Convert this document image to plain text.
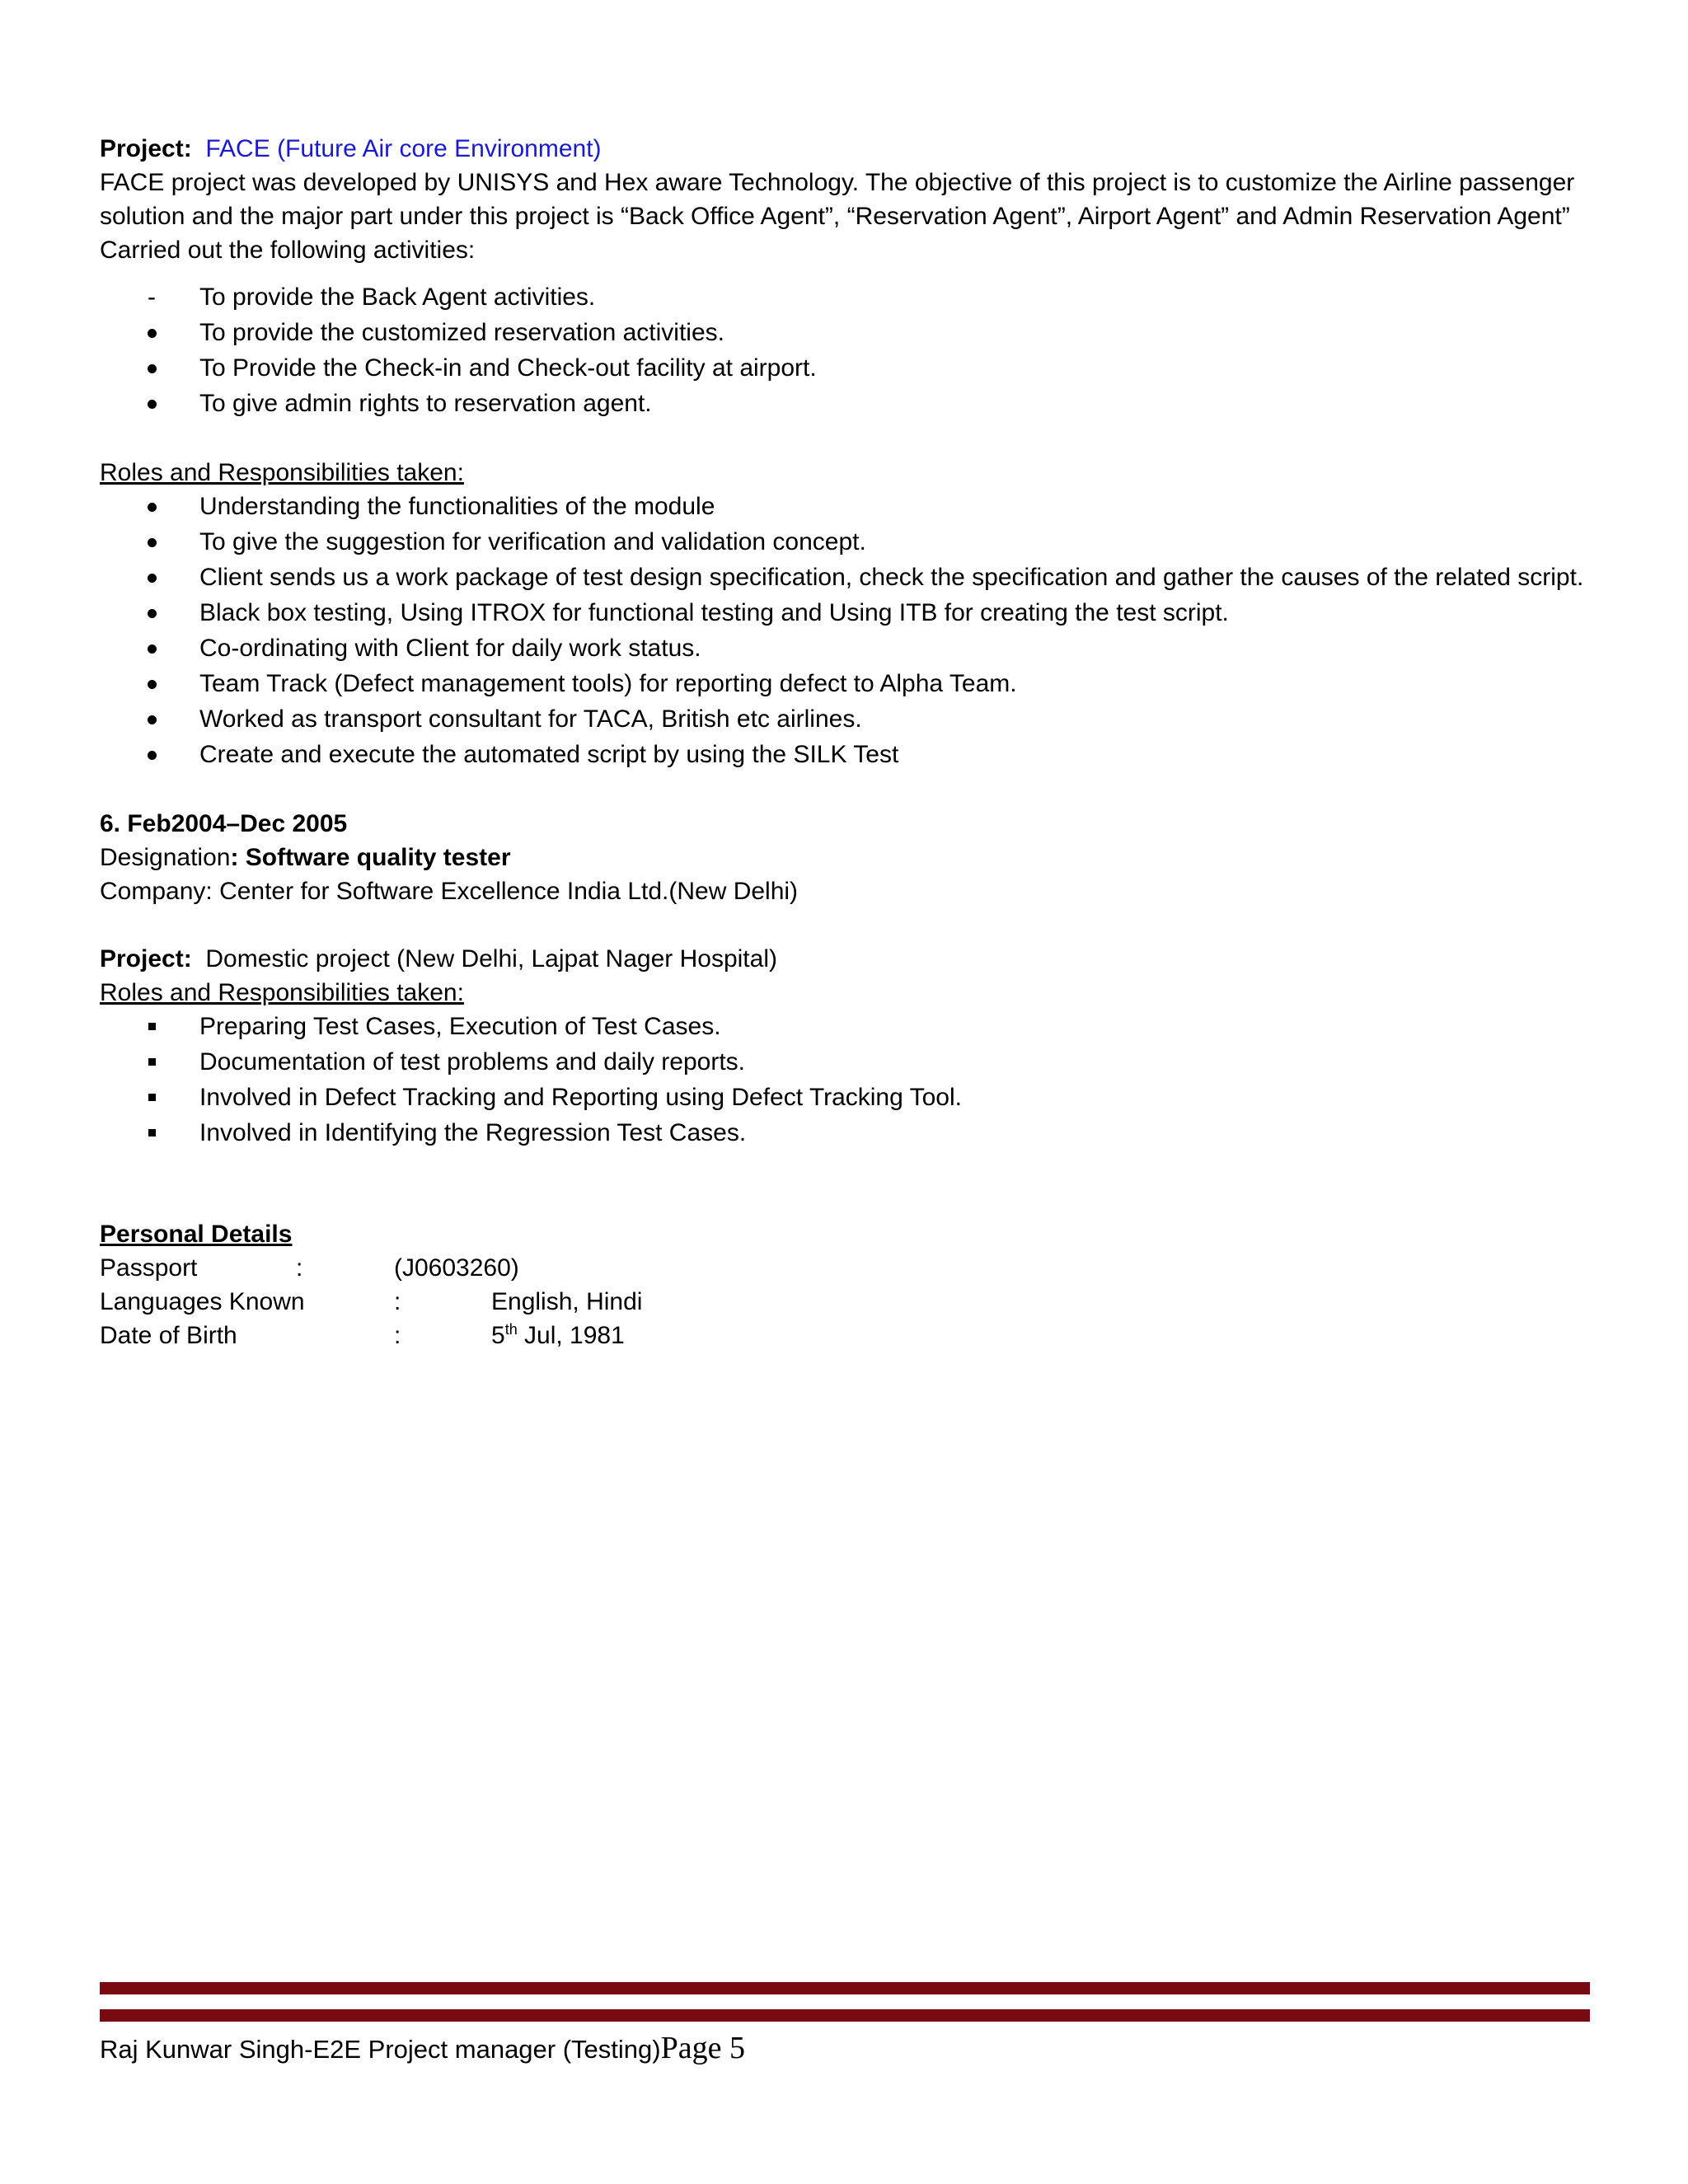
Project: FACE (Future Air core Environment)

FACE project was developed by UNISYS and Hex aware Technology. The objective of this project is to customize the Airline passenger solution and the major part under this project is “Back Office Agent”, “Reservation Agent”, Airport Agent” and Admin Reservation Agent” Carried out the following activities:

-	To provide the Back Agent activities.
To provide the customized reservation activities.
To Provide the Check-in and Check-out facility at airport.
To give admin rights to reservation agent.

Roles and Responsibilities taken:

Understanding the functionalities of the module
To give the suggestion for verification and validation concept.
Client sends us a work package of test design specification, check the specification and gather the causes of the related script.
Black box testing, Using ITROX for functional testing and Using ITB for creating the test script.
Co-ordinating with Client for daily work status.
Team Track (Defect management tools) for reporting defect to Alpha Team.
Worked as transport consultant for TACA, British etc airlines.
Create and execute the automated script by using the SILK Test

6. Feb2004–Dec 2005

Designation: Software quality tester

Company: Center for Software Excellence India Ltd.(New Delhi)

Project: Domestic project (New Delhi, Lajpat Nager Hospital)

Roles and Responsibilities taken:

Preparing Test Cases, Execution of Test Cases.
Documentation of test problems and daily reports.
Involved in Defect Tracking and Reporting using Defect Tracking Tool.
Involved in Identifying the Regression Test Cases.

Personal Details

Passport	:	(J0603260)
Languages Known	:	English, Hindi
Date of Birth	:	5th Jul, 1981
Raj Kunwar Singh-E2E Project manager (Testing)Page 5
